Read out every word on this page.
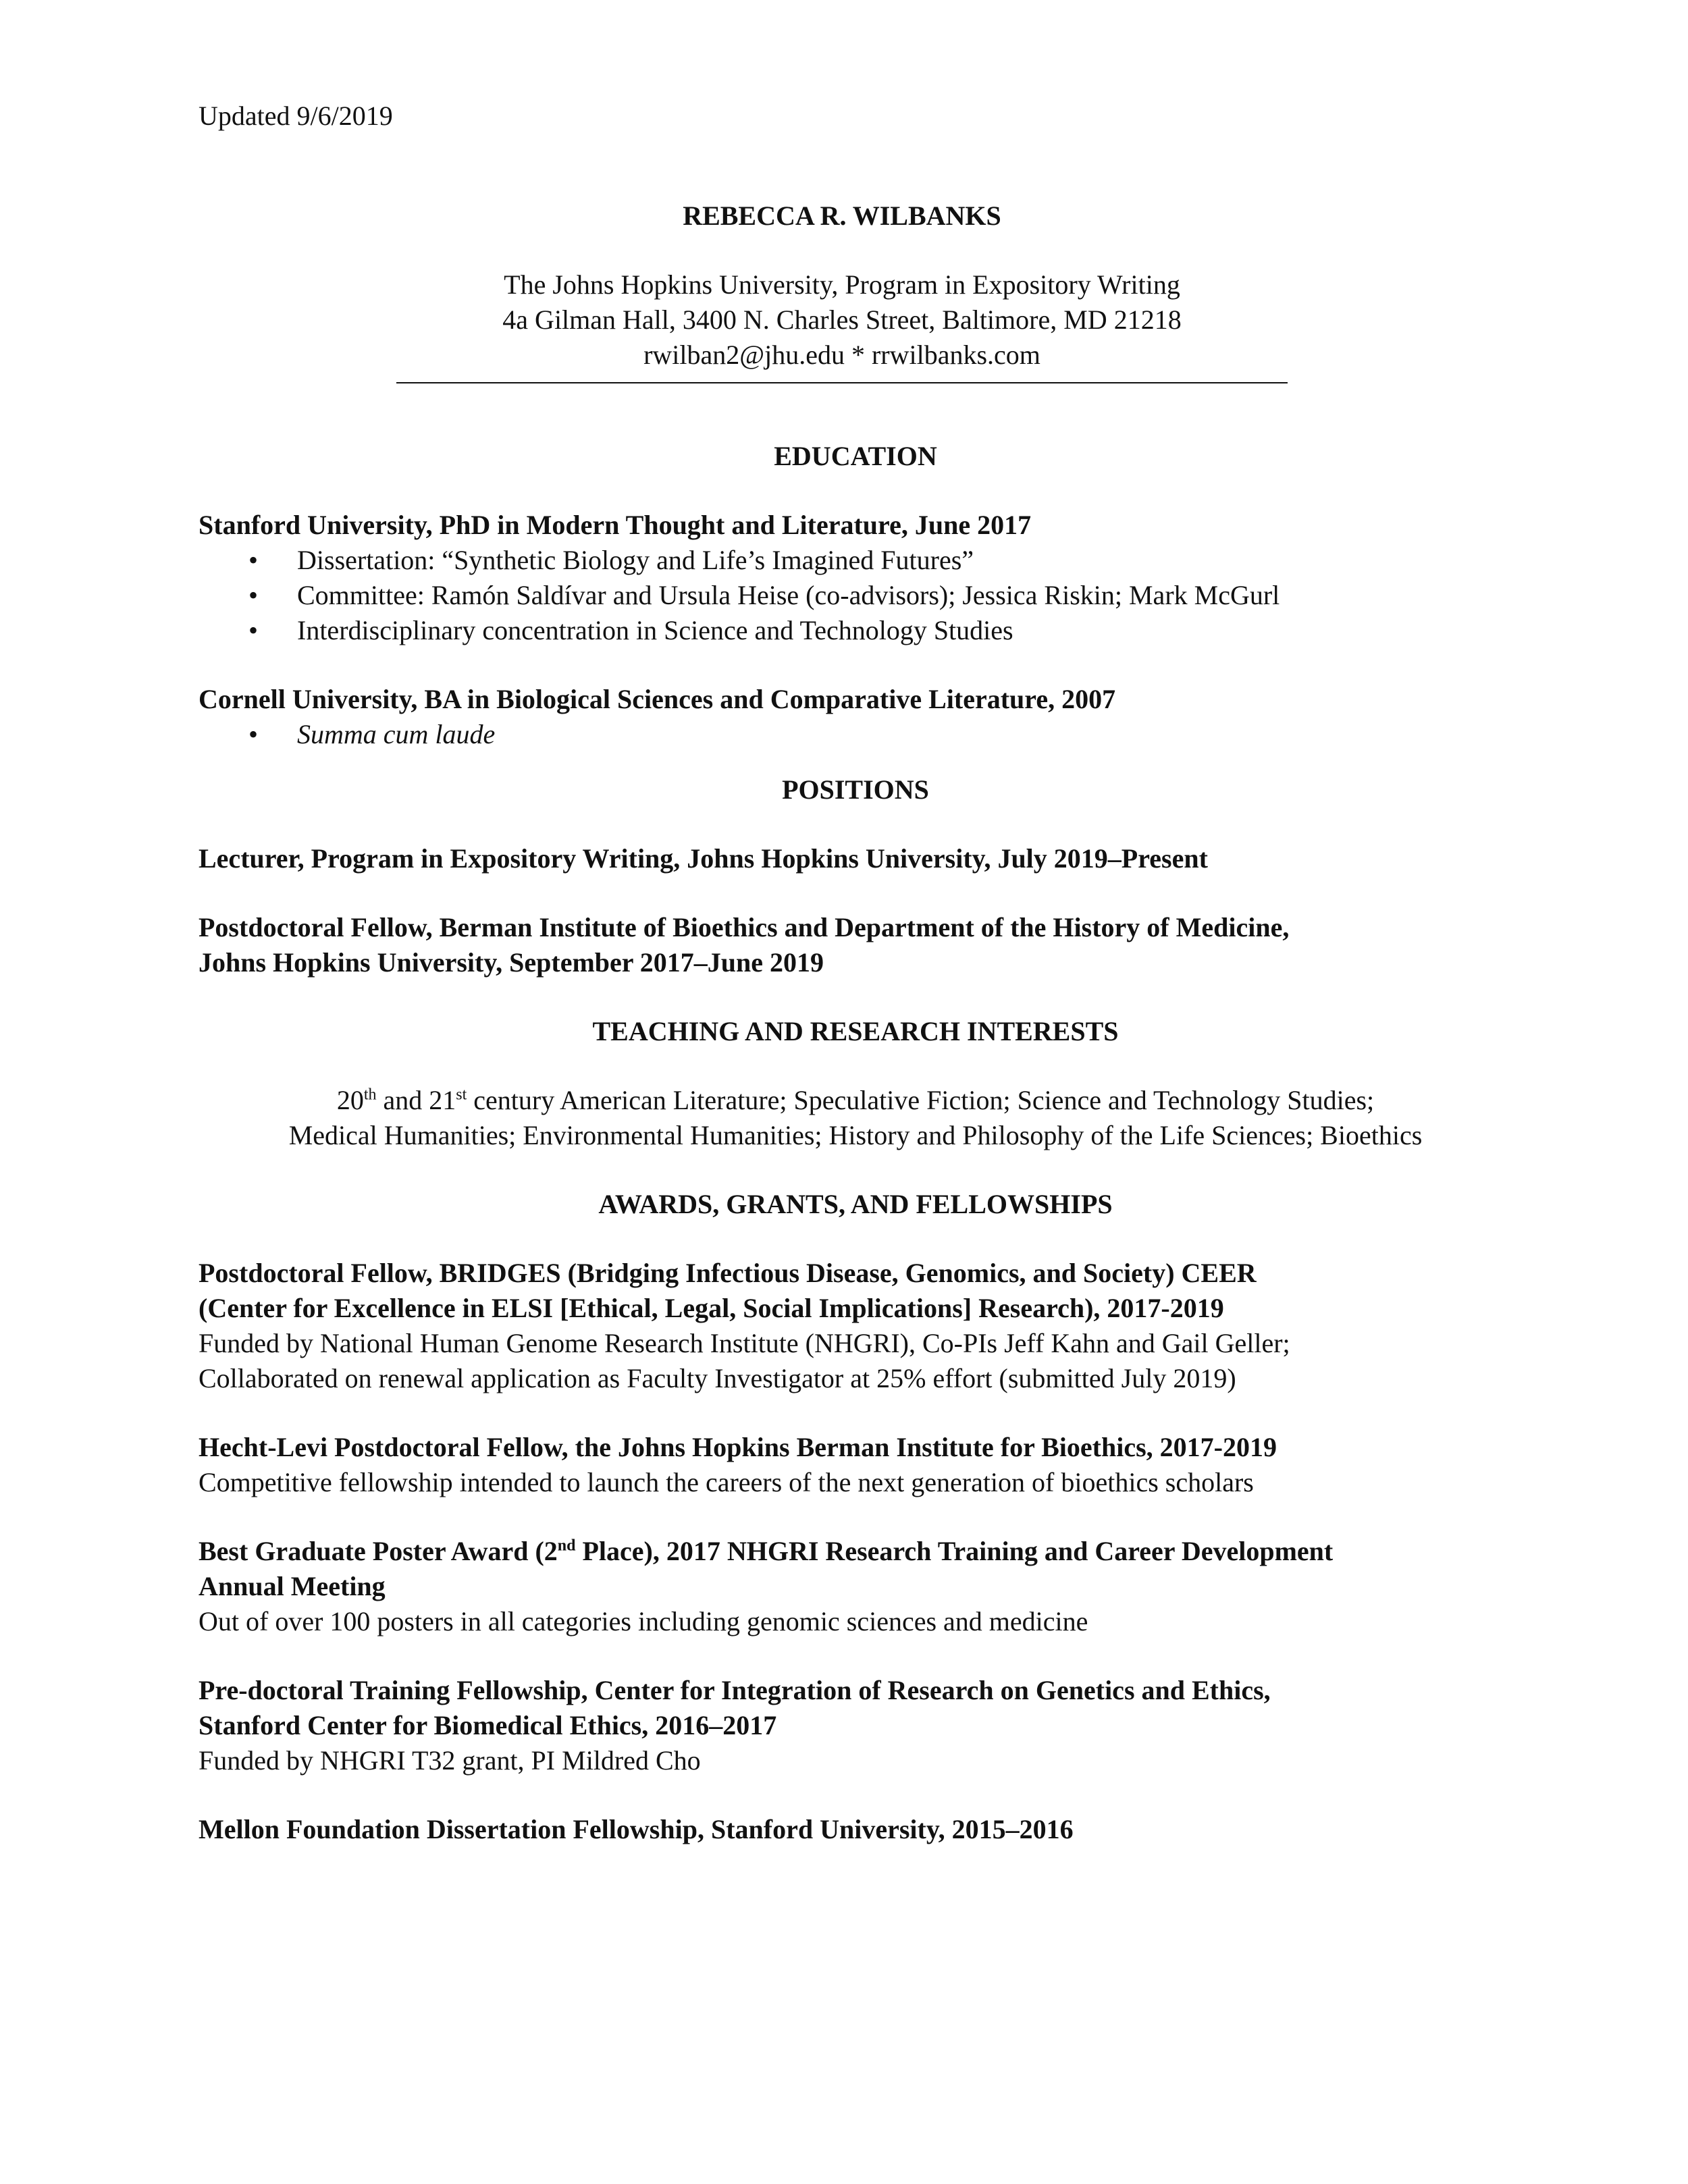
Updated 9/6/2019

REBECCA R. WILBANKS

The Johns Hopkins University, Program in Expository Writing

4a Gilman Hall, 3400 N. Charles Street, Baltimore, MD 21218

rwilban2@jhu.edu * rrwilbanks.com

EDUCATION

Stanford University, PhD in Modern Thought and Literature, June 2017

• Dissertation: “Synthetic Biology and Life’s Imagined Futures”
• Committee: Ramón Saldívar and Ursula Heise (co-advisors); Jessica Riskin; Mark McGurl
• Interdisciplinary concentration in Science and Technology Studies

Cornell University, BA in Biological Sciences and Comparative Literature, 2007

• Summa cum laude
POSITIONS

Lecturer, Program in Expository Writing, Johns Hopkins University, July 2019–Present

Postdoctoral Fellow, Berman Institute of Bioethics and Department of the History of Medicine,

Johns Hopkins University, September 2017–June 2019

TEACHING AND RESEARCH INTERESTS

20th and 21st century American Literature; Speculative Fiction; Science and Technology Studies;

Medical Humanities; Environmental Humanities; History and Philosophy of the Life Sciences; Bioethics

AWARDS, GRANTS, AND FELLOWSHIPS

Postdoctoral Fellow, BRIDGES (Bridging Infectious Disease, Genomics, and Society) CEER

(Center for Excellence in ELSI [Ethical, Legal, Social Implications] Research), 2017-2019

Funded by National Human Genome Research Institute (NHGRI), Co-PIs Jeff Kahn and Gail Geller;

Collaborated on renewal application as Faculty Investigator at 25% effort (submitted July 2019)

Hecht-Levi Postdoctoral Fellow, the Johns Hopkins Berman Institute for Bioethics, 2017-2019

Competitive fellowship intended to launch the careers of the next generation of bioethics scholars

Best Graduate Poster Award (2nd Place), 2017 NHGRI Research Training and Career Development

Annual Meeting

Out of over 100 posters in all categories including genomic sciences and medicine

Pre-doctoral Training Fellowship, Center for Integration of Research on Genetics and Ethics,

Stanford Center for Biomedical Ethics, 2016–2017

Funded by NHGRI T32 grant, PI Mildred Cho

Mellon Foundation Dissertation Fellowship, Stanford University, 2015–2016
